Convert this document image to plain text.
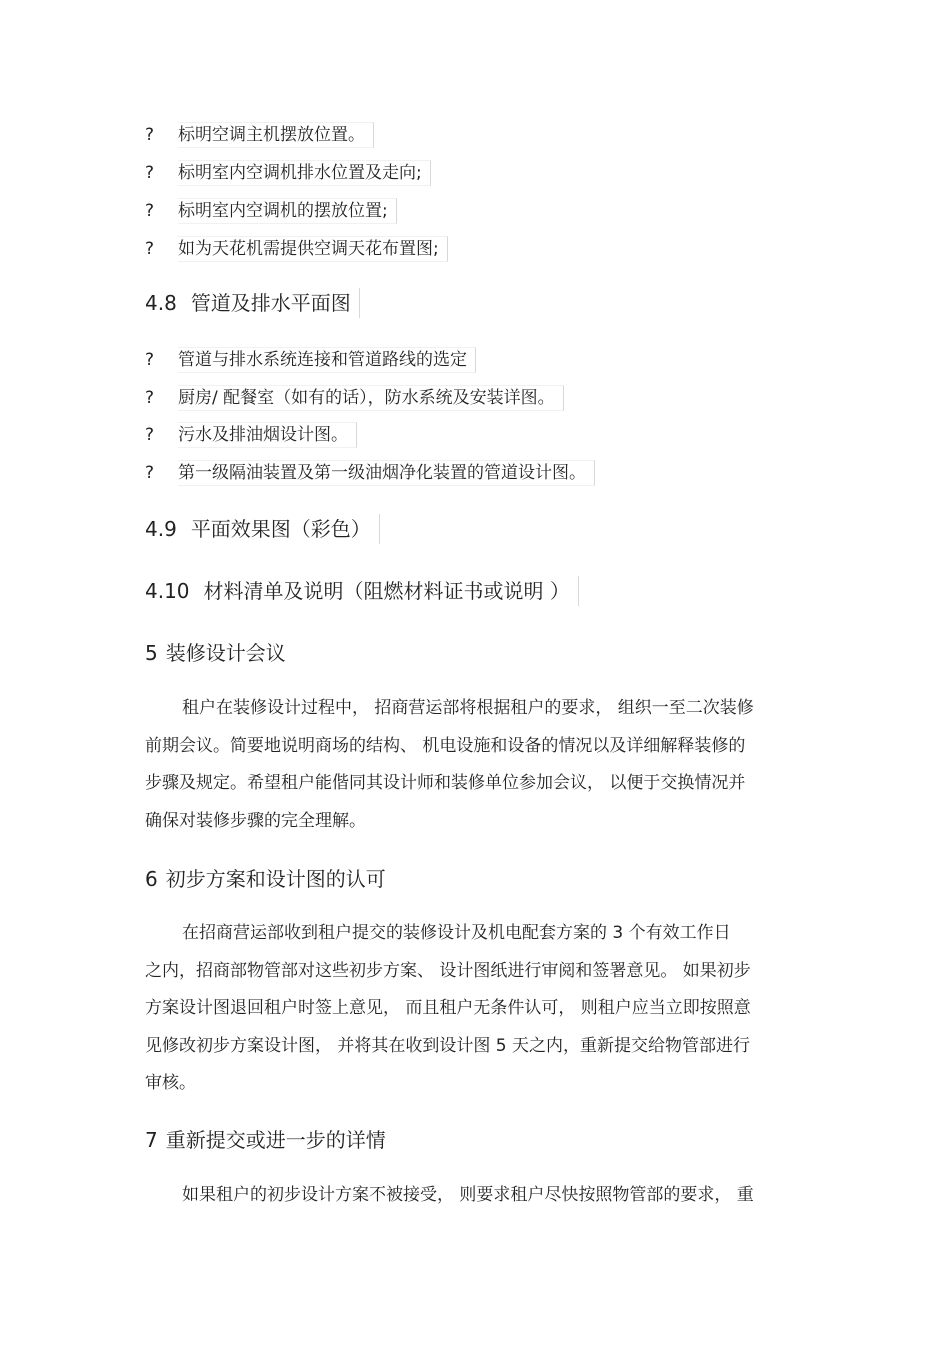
?	标明空调主机摆放位置。
?	标明室内空调机排水位置及走向;
?	标明室内空调机的摆放位置;
?	如为天花机需提供空调天花布置图;
4.8 管道及排水平面图
?	管道与排水系统连接和管道路线的选定
?	厨房/ 配餐室（如有的话），防水系统及安装详图。
?	污水及排油烟设计图。
?	第一级隔油装置及第一级油烟净化装置的管道设计图。
4.9 平面效果图（彩色）
4.10 材料清单及说明（阻燃材料证书或说明 ）
5 装修设计会议
租户在装修设计过程中， 招商营运部将根据租户的要求， 组织一至二次装修
前期会议。简要地说明商场的结构、 机电设施和设备的情况以及详细解释装修的
步骤及规定。希望租户能偕同其设计师和装修单位参加会议， 以便于交换情况并
确保对装修步骤的完全理解。
6 初步方案和设计图的认可
在招商营运部收到租户提交的装修设计及机电配套方案的 3 个有效工作日
之内，招商部物管部对这些初步方案、 设计图纸进行审阅和签署意见。 如果初步
方案设计图退回租户时签上意见， 而且租户无条件认可， 则租户应当立即按照意
见修改初步方案设计图， 并将其在收到设计图 5 天之内，重新提交给物管部进行
审核。
7 重新提交或进一步的详情
如果租户的初步设计方案不被接受， 则要求租户尽快按照物管部的要求， 重
